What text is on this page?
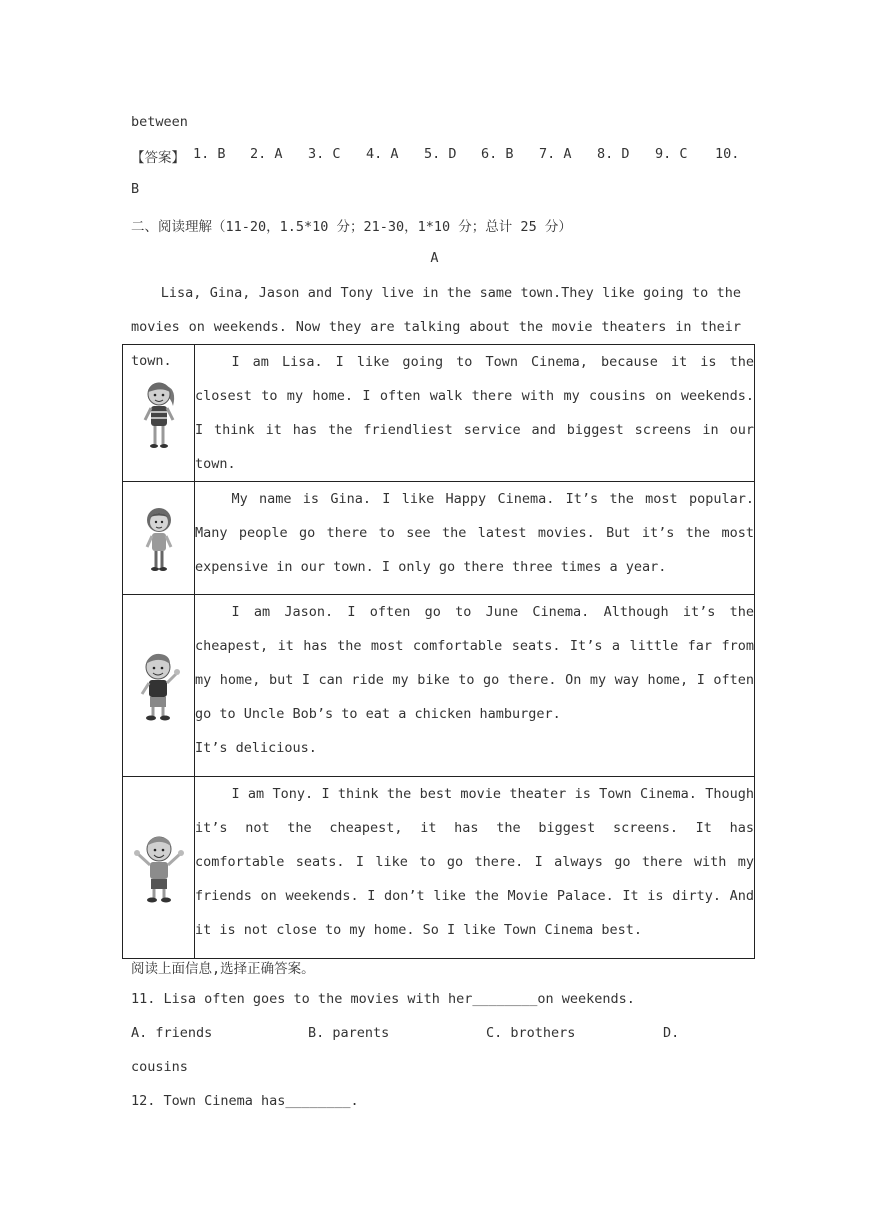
between
【答案】 1. B 2. A 3. C 4. A 5. D 6. B 7. A 8. D 9. C 10.
B
二、阅读理解（11-20，1.5*10 分；21-30，1*10 分；总计 25 分）
A
Lisa, Gina, Jason and Tony live in the same town.They like going to the movies on weekends. Now they are talking about the movie theaters in their town.
		I am Lisa. I like going to Town Cinema, because it is the closest to my home. I often walk there with my cousins on weekends. I think it has the friendliest service and biggest screens in our town.

My name is Gina. I like Happy Cinema. It’s the most popular. Many people go there to see the latest movies. But it’s the most expensive in our town. I only go there three times a year.

I am Jason. I often go to June Cinema. Although it’s the cheapest, it has the most comfortable seats. It’s a little far from my home, but I can ride my bike to go there. On my way home, I often go to Uncle Bob’s to eat a chicken hamburger.
It’s delicious.

I am Tony. I think the best movie theater is Town Cinema. Though it’s not the cheapest, it has the biggest screens. It has comfortable seats. I like to go there. I always go there with my friends on weekends. I don’t like the Movie Palace. It is dirty. And it is not close to my home. So I like Town Cinema best.
阅读上面信息,选择正确答案。
11. Lisa often goes to the movies with her________on weekends.
A. friends	B. parents	C. brothers	D.
cousins
12. Town Cinema has________.
